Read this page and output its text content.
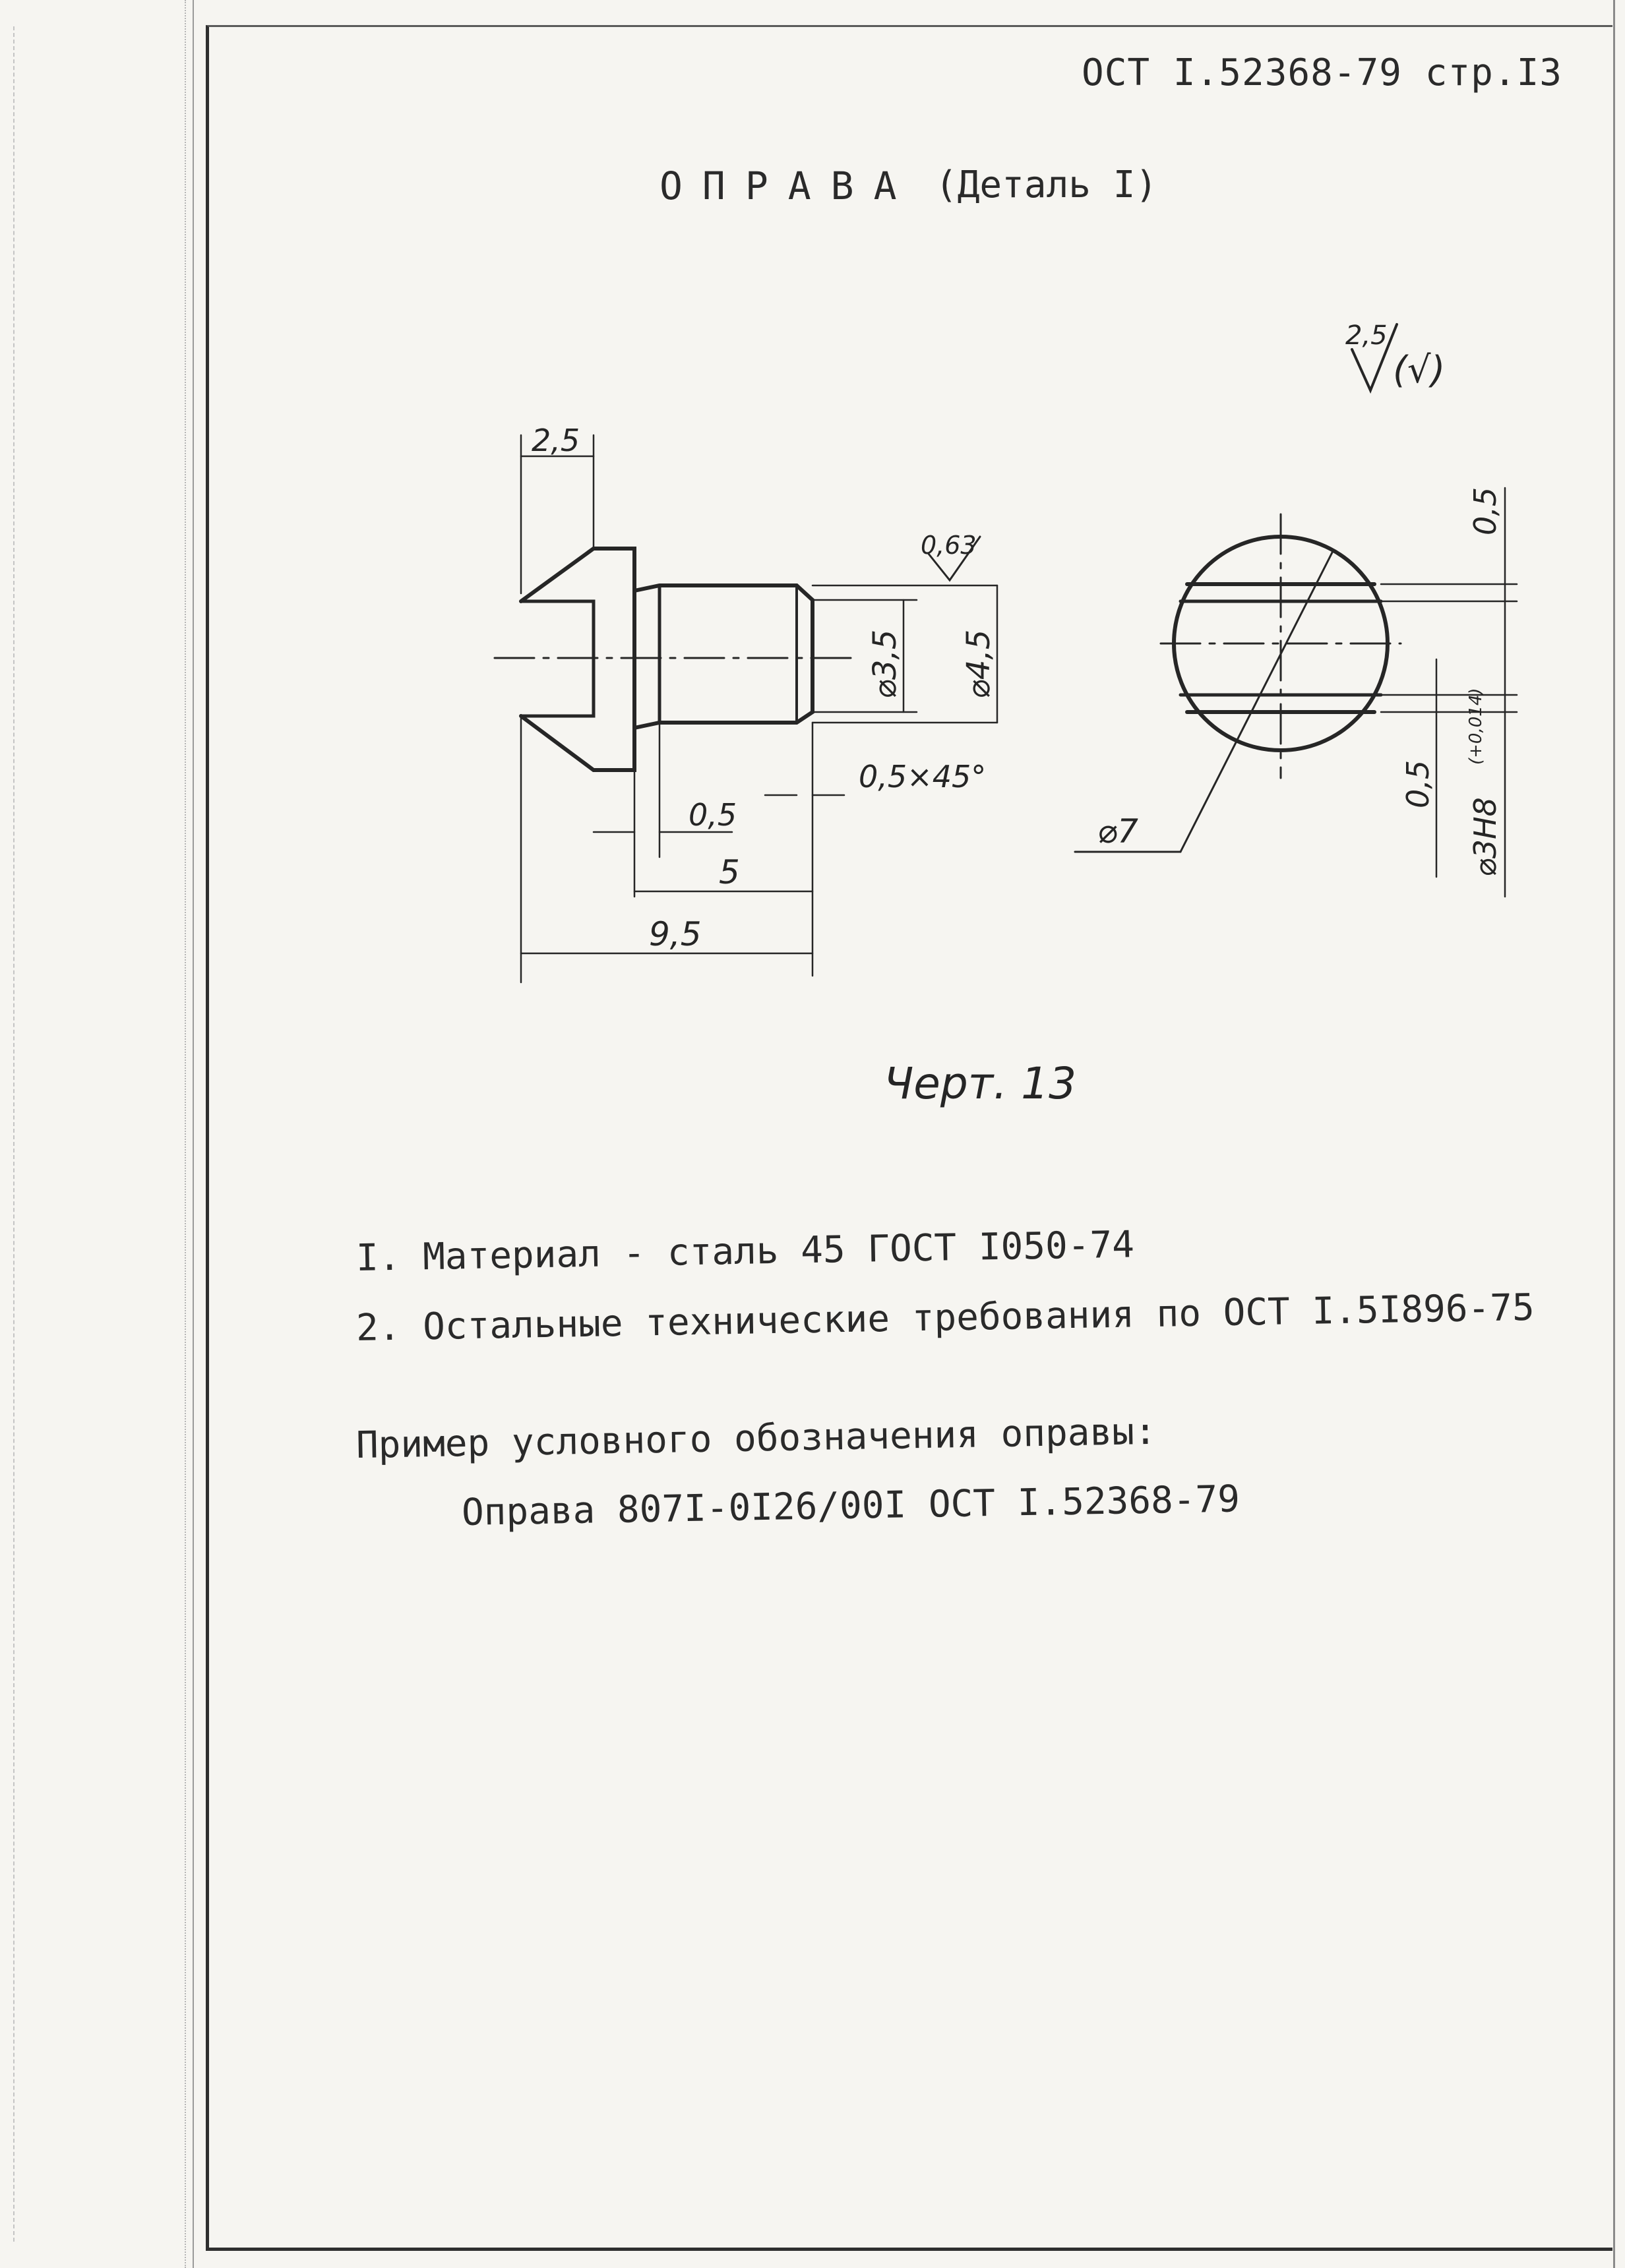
ОСТ I.52368-79 стр.I3
ОПРАВА (Деталь I)
2,5
(√)
2,5
0,63
⌀3,5 ⌀4,5
0,5×45°
0,5
5
9,5
⌀7
0,5
0,5
⌀3H8
(+0,014)
Черт. 13
I. Материал - сталь 45 ГОСТ I050-74
2. Остальные технические требования по ОСТ I.5I896-75
Пример условного обозначения оправы:
Оправа 807I-0I26/00I ОСТ I.52368-79
